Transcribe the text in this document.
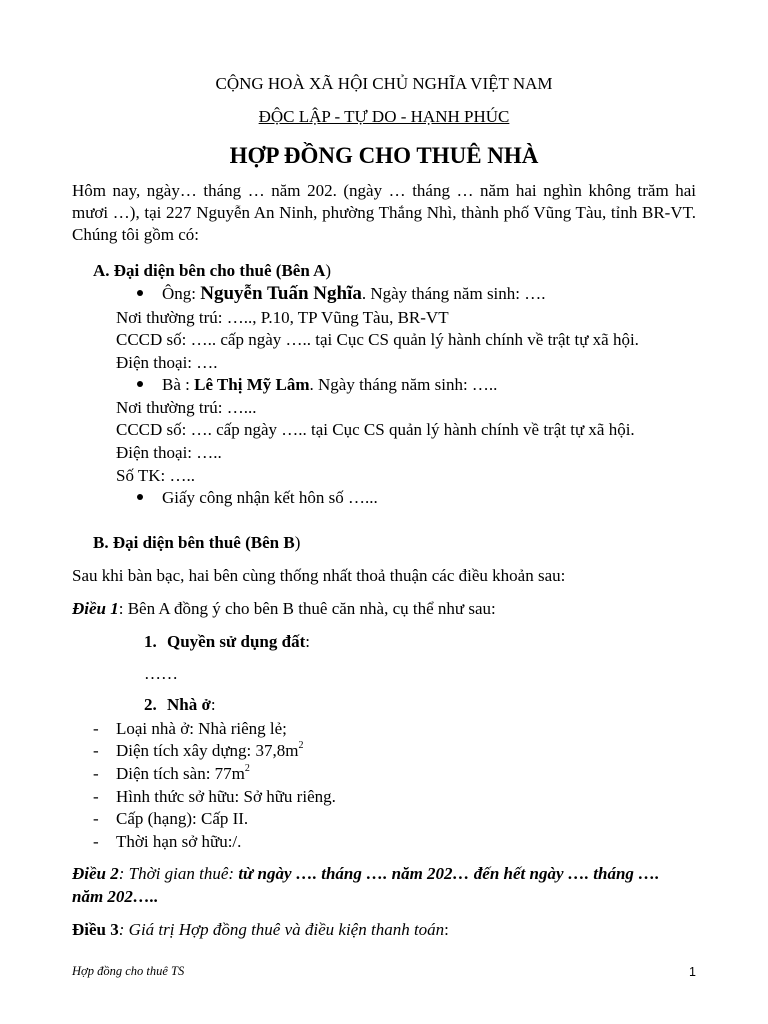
CỘNG HOÀ XÃ HỘI CHỦ NGHĨA VIỆT NAM
ĐỘC LẬP - TỰ DO - HẠNH PHÚC
HỢP ĐỒNG CHO THUÊ NHÀ
Hôm nay, ngày… tháng … năm 202. (ngày … tháng … năm hai nghìn không trăm hai mươi …), tại 227 Nguyễn An Ninh, phường Thắng Nhì, thành phố Vũng Tàu, tỉnh BR-VT. Chúng tôi gồm có:
A. Đại diện bên cho thuê (Bên A)
Ông: Nguyễn Tuấn Nghĩa. Ngày tháng năm sinh: ….
Nơi thường trú: ….., P.10, TP Vũng Tàu, BR-VT
CCCD số: ….. cấp ngày ….. tại Cục CS quản lý hành chính về trật tự xã hội.
Điện thoại: ….
Bà : Lê Thị Mỹ Lâm. Ngày tháng năm sinh: …..
Nơi thường trú: …...
CCCD số: …. cấp ngày ….. tại Cục CS quản lý hành chính về trật tự xã hội.
Điện thoại: …..
Số TK: …..
Giấy công nhận kết hôn số …...
B. Đại diện bên thuê (Bên B)
Sau khi bàn bạc, hai bên cùng thống nhất thoả thuận các điều khoản sau:
Điều 1: Bên A đồng ý cho bên B thuê căn nhà, cụ thể như sau:
1. Quyền sử dụng đất:
……
2. Nhà ở:
- Loại nhà ở: Nhà riêng lẻ;
- Diện tích xây dựng: $37,8m^2$
- Diện tích sàn: $77m^2$
- Hình thức sở hữu: Sở hữu riêng.
- Cấp (hạng): Cấp II.
- Thời hạn sở hữu:/.
Điều 2: Thời gian thuê: từ ngày …. tháng …. năm 202… đến hết ngày …. tháng ….
năm 202…..
Điều 3: Giá trị Hợp đồng thuê và điều kiện thanh toán:
Hợp đồng cho thuê TS	1
